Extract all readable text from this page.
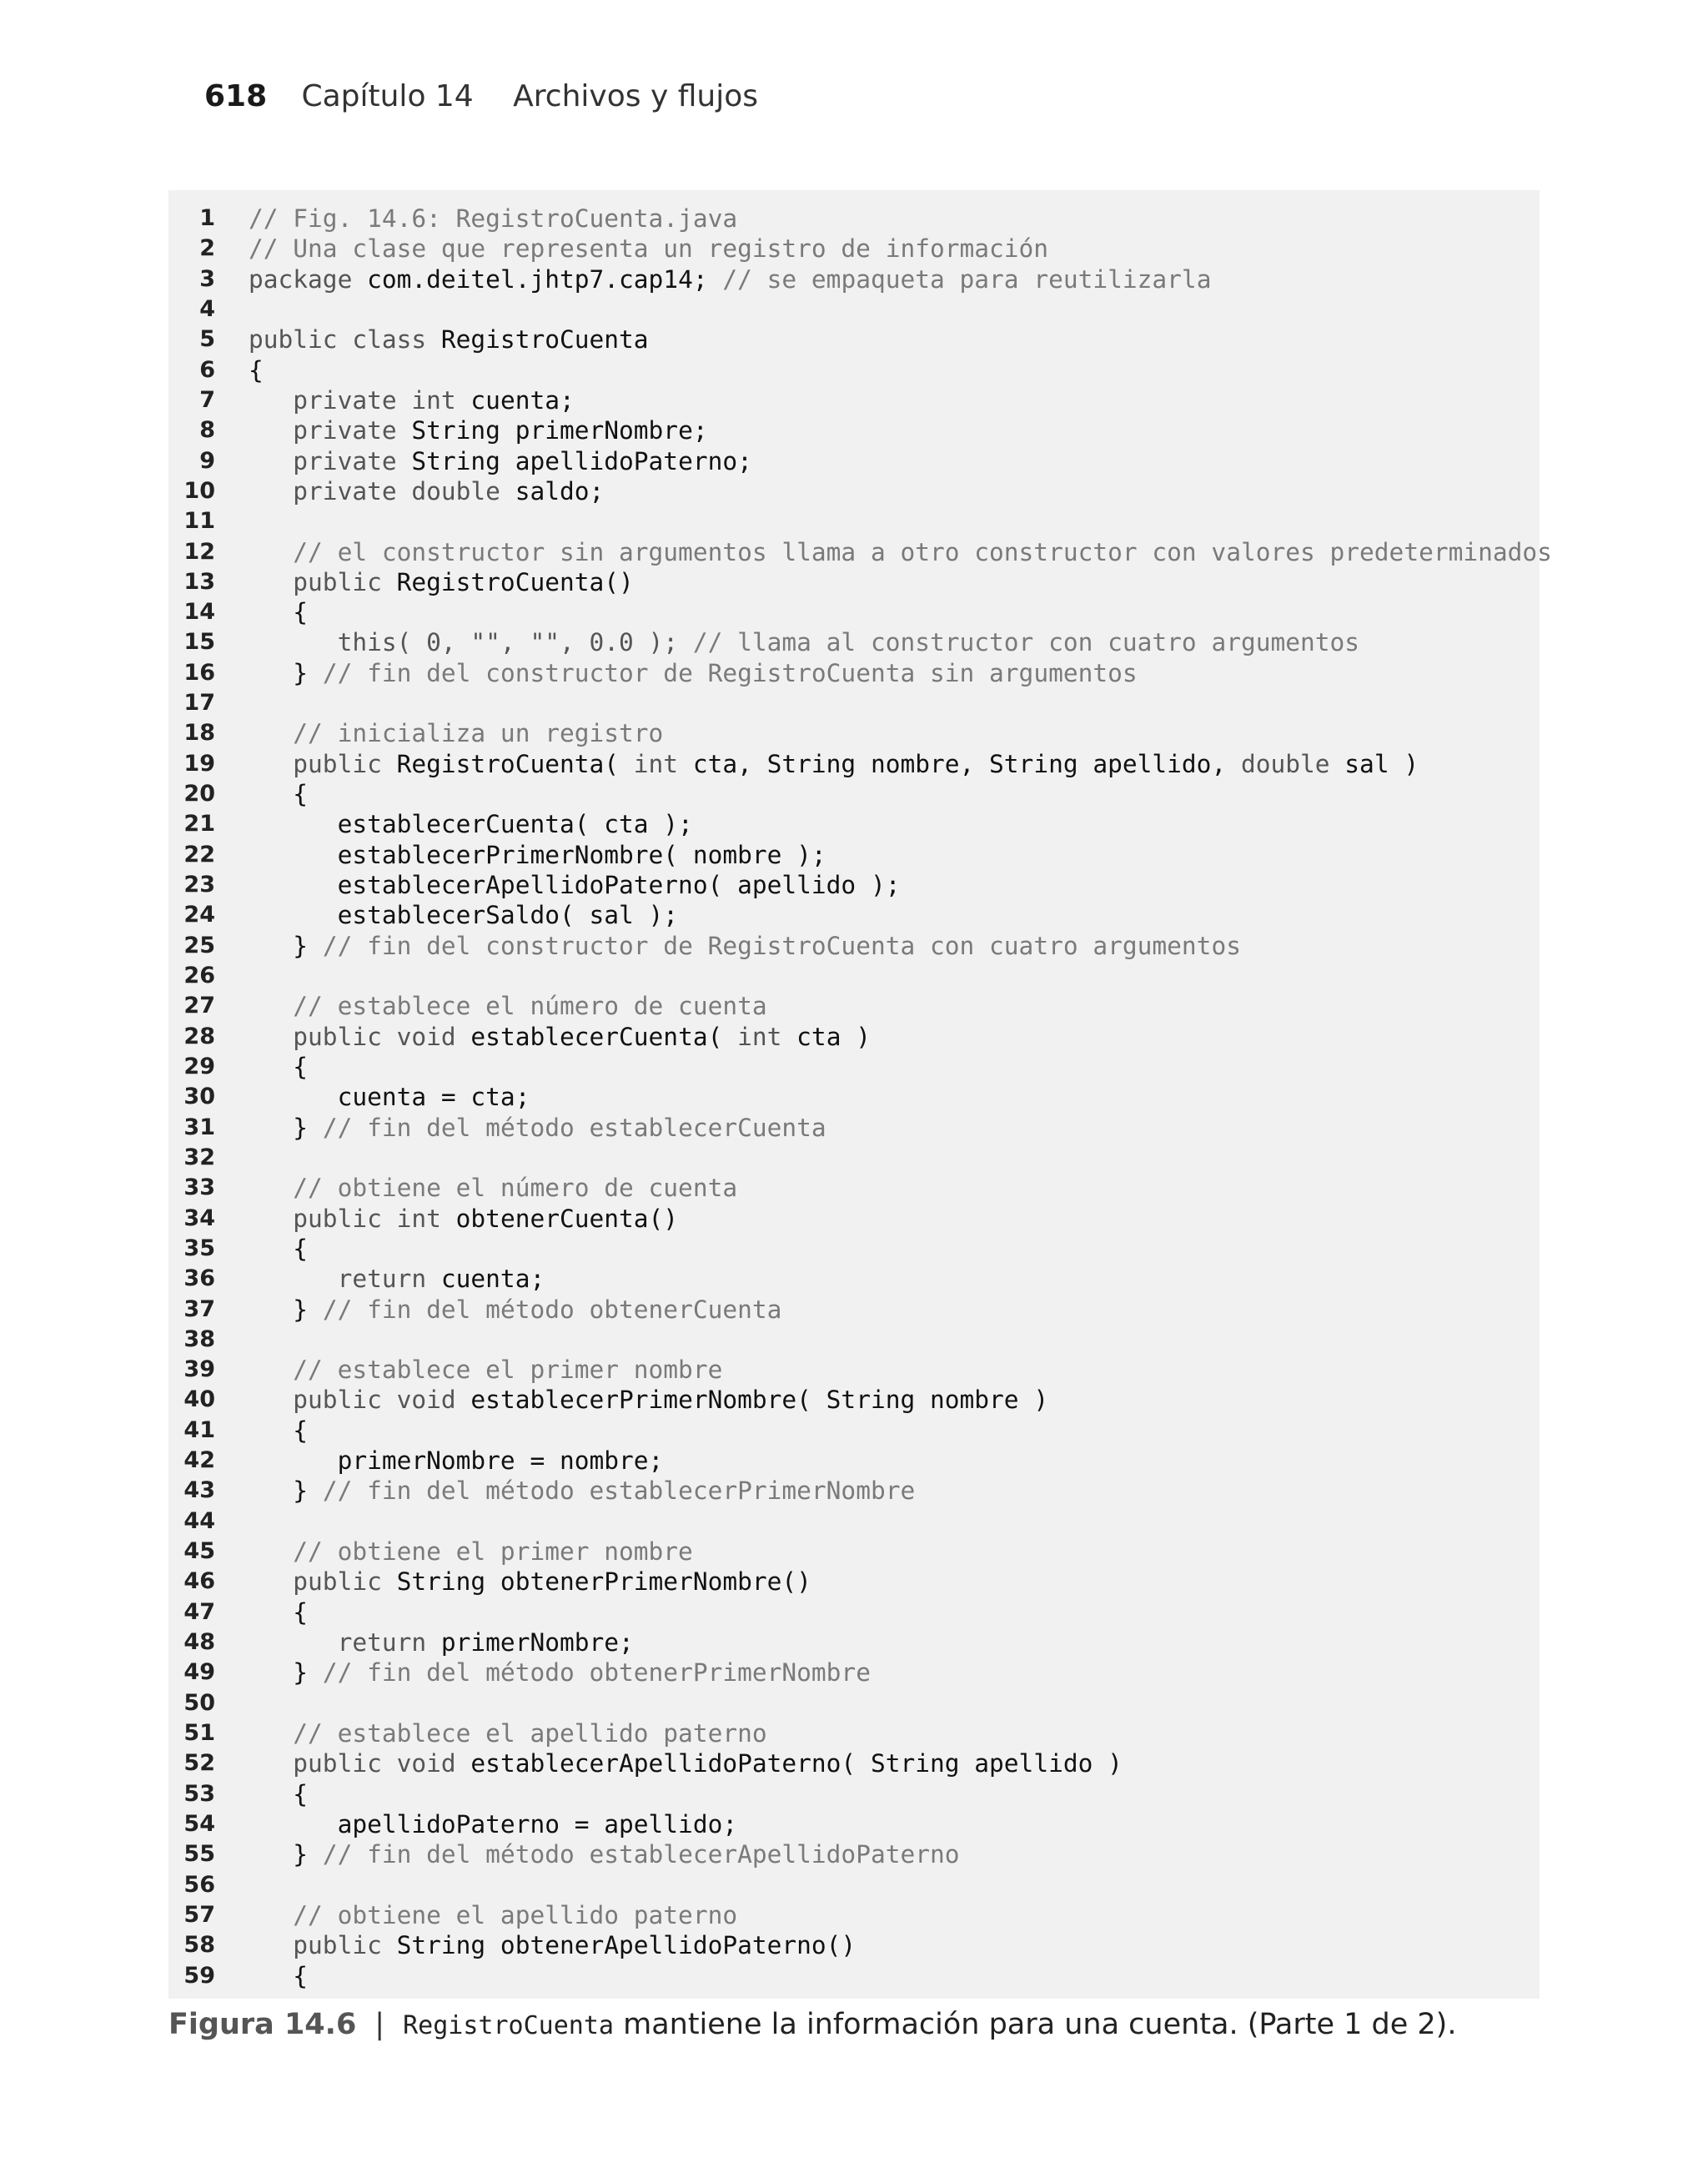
618 Capítulo 14 Archivos y flujos
1 // Fig. 14.6: RegistroCuenta.java
2 // Una clase que representa un registro de información
3 package com.deitel.jhtp7.cap14; // se empaqueta para reutilizarla
4
5 public class RegistroCuenta
6 {
7 private int cuenta;
8 private String primerNombre;
9 private String apellidoPaterno;
10 private double saldo;
11
12 // el constructor sin argumentos llama a otro constructor con valores predeterminados
13 public RegistroCuenta()
14 {
15 this( 0, "", "", 0.0 ); // llama al constructor con cuatro argumentos
16 } // fin del constructor de RegistroCuenta sin argumentos
17
18 // inicializa un registro
19 public RegistroCuenta( int cta, String nombre, String apellido, double sal )
20 {
21 establecerCuenta( cta );
22 establecerPrimerNombre( nombre );
23 establecerApellidoPaterno( apellido );
24 establecerSaldo( sal );
25 } // fin del constructor de RegistroCuenta con cuatro argumentos
26
27 // establece el número de cuenta
28 public void establecerCuenta( int cta )
29 {
30 cuenta = cta;
31 } // fin del método establecerCuenta
32
33 // obtiene el número de cuenta
34 public int obtenerCuenta()
35 {
36 return cuenta;
37 } // fin del método obtenerCuenta
38
39 // establece el primer nombre
40 public void establecerPrimerNombre( String nombre )
41 {
42 primerNombre = nombre;
43 } // fin del método establecerPrimerNombre
44
45 // obtiene el primer nombre
46 public String obtenerPrimerNombre()
47 {
48 return primerNombre;
49 } // fin del método obtenerPrimerNombre
50
51 // establece el apellido paterno
52 public void establecerApellidoPaterno( String apellido )
53 {
54 apellidoPaterno = apellido;
55 } // fin del método establecerApellidoPaterno
56
57 // obtiene el apellido paterno
58 public String obtenerApellidoPaterno()
59 {
Figura 14.6 | RegistroCuenta mantiene la información para una cuenta. (Parte 1 de 2).
